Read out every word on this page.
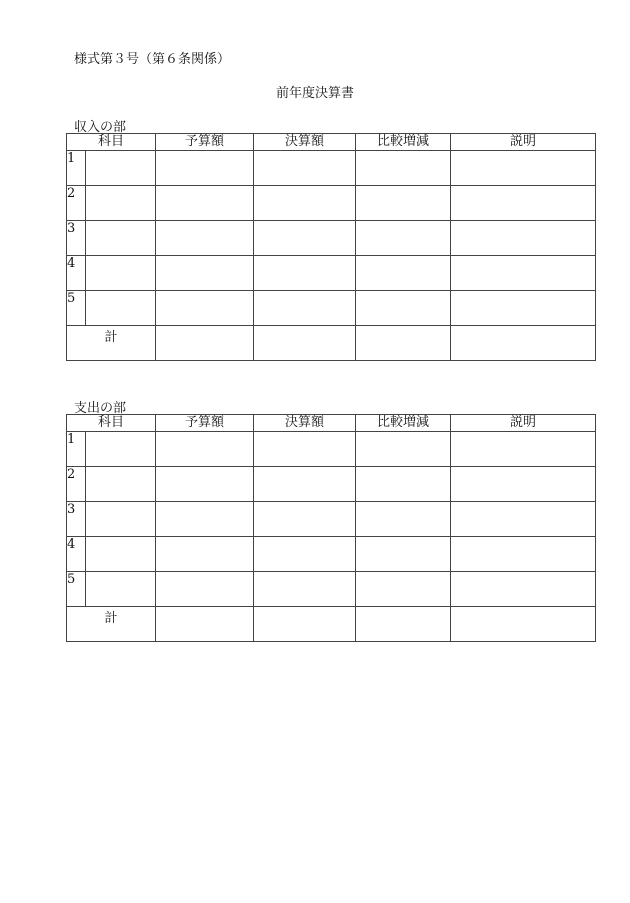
様式第３号（第６条関係）
前年度決算書
収入の部
科目		予算額	決算額	比較増減	説明
1					
2					
3					
4					
5					
計					
支出の部
科目		予算額	決算額	比較増減	説明
1					
2					
3					
4					
5					
計					
